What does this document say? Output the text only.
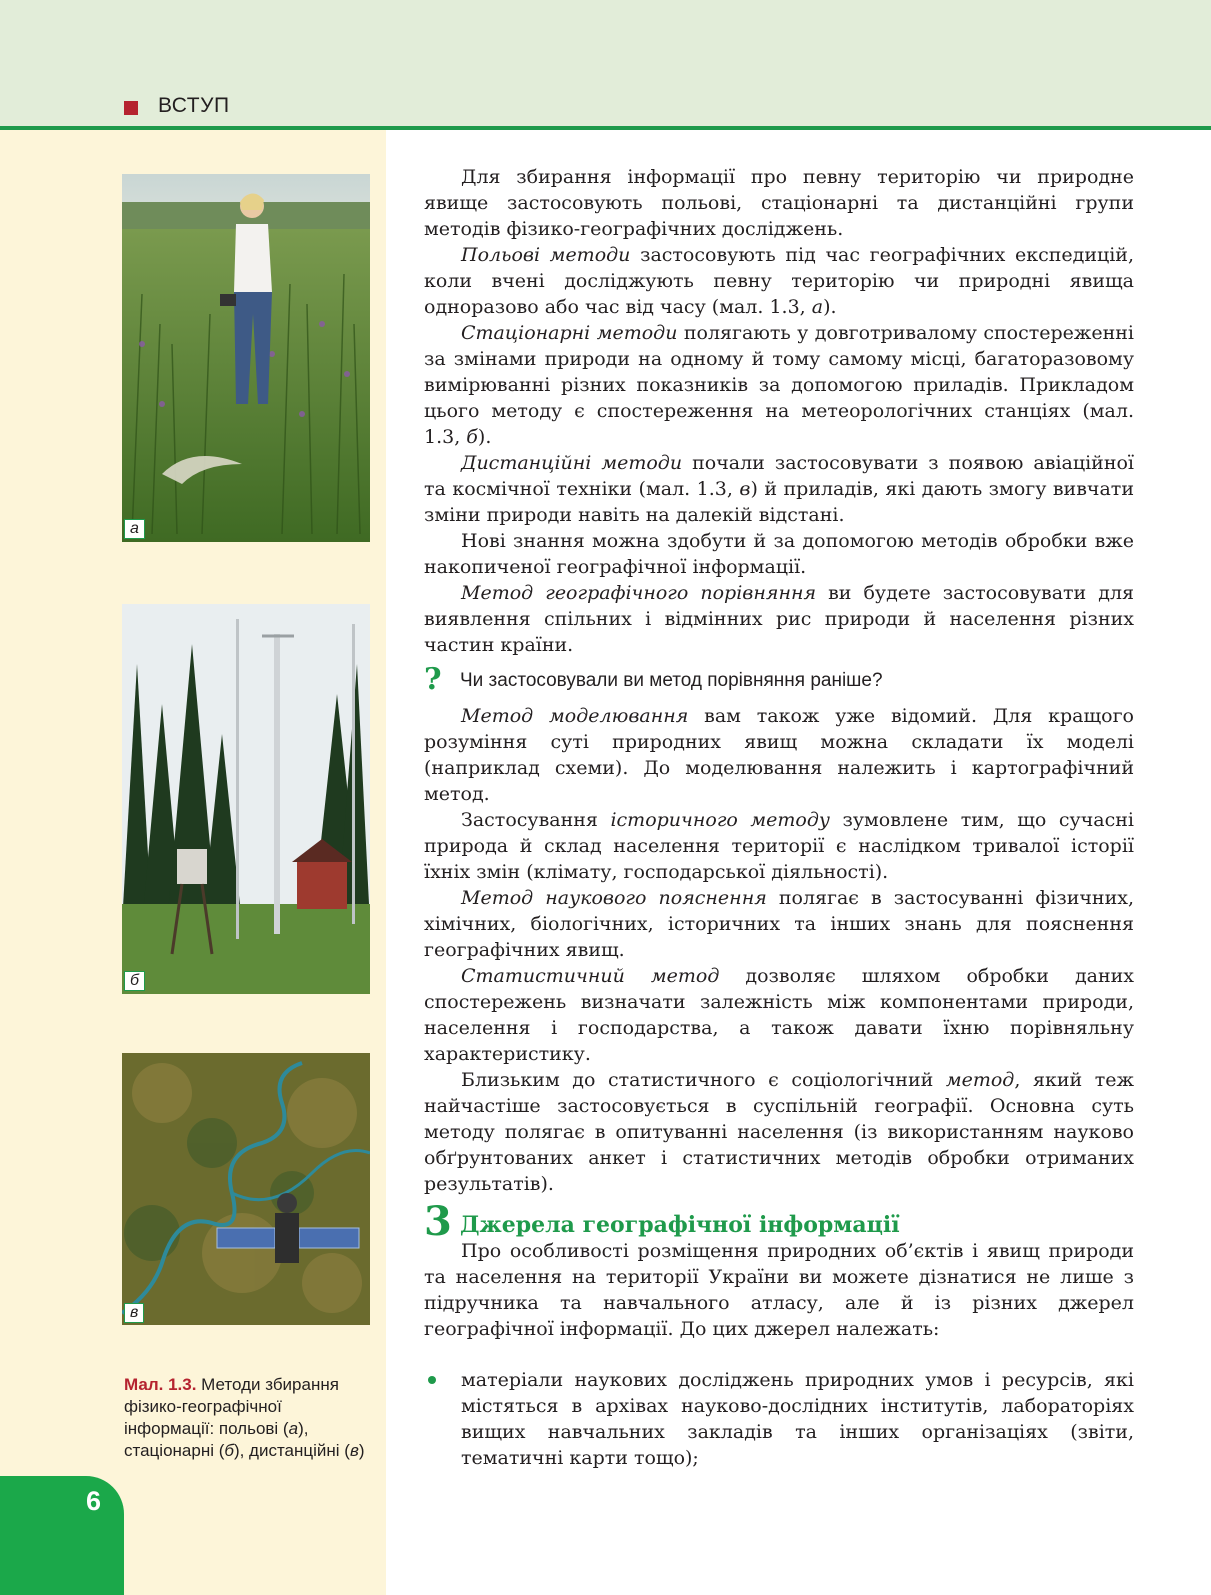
ВСТУП
а
б
в
Мал. 1.3. Методи збирання фізико-географічної інформації: польові (а), стаціонарні (б), дистанційні (в)
6

Для збирання інформації про певну територію чи природне явище застосовують польові, стаціонарні та дистанційні групи методів фізико-географічних досліджень.

Польові методи застосовують під час географічних експедицій, коли вчені досліджують певну територію чи природні явища одноразово або час від часу (мал. 1.3, а).

Стаціонарні методи полягають у довготривалому спостереженні за змінами природи на одному й тому самому місці, багаторазовому вимірюванні різних показників за допомогою приладів. Прикладом цього методу є спостереження на метеорологічних станціях (мал. 1.3, б).

Дистанційні методи почали застосовувати з появою авіаційної та космічної техніки (мал. 1.3, в) й приладів, які дають змогу вивчати зміни природи навіть на далекій відстані.

Нові знання можна здобути й за допомогою методів обробки вже накопиченої географічної інформації.

Метод географічного порівняння ви будете застосовувати для виявлення спільних і відмінних рис природи й населення різних частин країни.

? Чи застосовували ви метод порівняння раніше?

Метод моделювання вам також уже відомий. Для кращого розуміння суті природних явищ можна складати їх моделі (наприклад схеми). До моделювання належить і картографічний метод.

Застосування історичного методу зумовлене тим, що сучасні природа й склад населення території є наслідком тривалої історії їхніх змін (клімату, господарської діяльності).

Метод наукового пояснення полягає в застосуванні фізичних, хімічних, біологічних, історичних та інших знань для пояснення географічних явищ.

Статистичний метод дозволяє шляхом обробки даних спостережень визначати залежність між компонентами природи, населення і господарства, а також давати їхню порівняльну характеристику.

Близьким до статистичного є соціологічний метод, який теж найчастіше застосовується в суспільній географії. Основна суть методу полягає в опитуванні населення (із використанням науково обґрунтованих анкет і статистичних методів обробки отриманих результатів).

3 Джерела географічної інформації

Про особливості розміщення природних об’єктів і явищ природи та населення на території України ви можете дізнатися не лише з підручника та навчального атласу, але й із різних джерел географічної інформації. До цих джерел належать:

матеріали наукових досліджень природних умов і ресурсів, які містяться в архівах науково-дослідних інститутів, лабораторіях вищих навчальних закладів та інших організаціях (звіти, тематичні карти тощо);
